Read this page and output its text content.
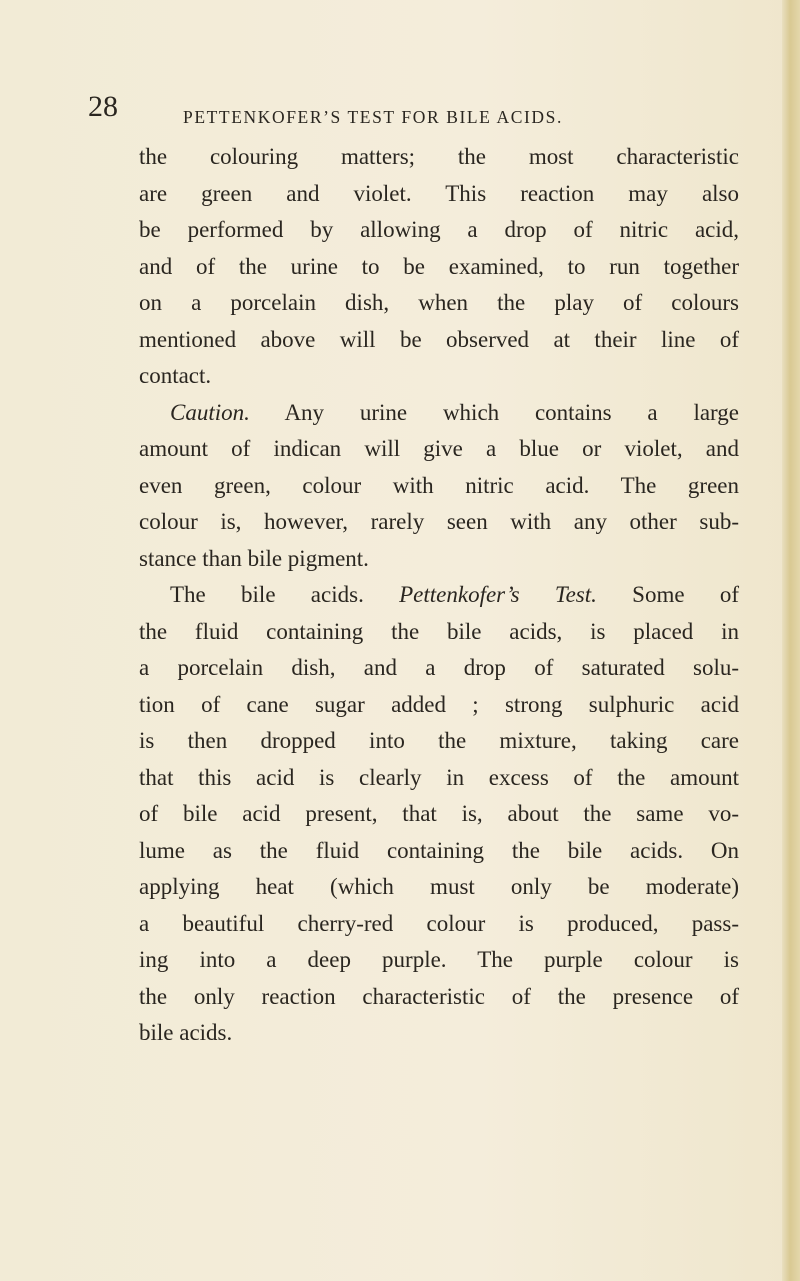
28	PETTENKOFER’S TEST FOR BILE ACIDS.
the colouring matters; the most characteristic
are green and violet. This reaction may also
be performed by allowing a drop of nitric acid,
and of the urine to be examined, to run together
on a porcelain dish, when the play of colours
mentioned above will be observed at their line of
contact.
Caution. Any urine which contains a large
amount of indican will give a blue or violet, and
even green, colour with nitric acid. The green
colour is, however, rarely seen with any other sub-
stance than bile pigment.
The bile acids. Pettenkofer’s Test. Some of
the fluid containing the bile acids, is placed in
a porcelain dish, and a drop of saturated solu-
tion of cane sugar added ; strong sulphuric acid
is then dropped into the mixture, taking care
that this acid is clearly in excess of the amount
of bile acid present, that is, about the same vo-
lume as the fluid containing the bile acids. On
applying heat (which must only be moderate)
a beautiful cherry-red colour is produced, pass-
ing into a deep purple. The purple colour is
the only reaction characteristic of the presence of
bile acids.
